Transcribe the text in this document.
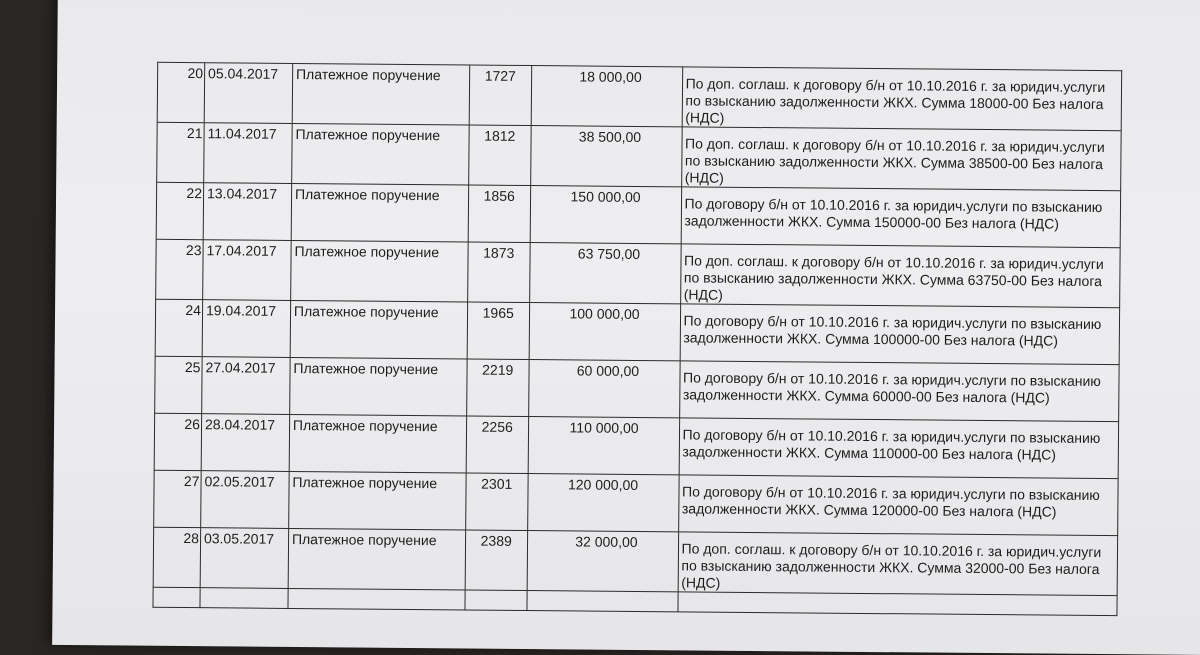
20	05.04.2017	Платежное поручение	1727	18 000,00	По доп. соглаш. к договору б/н от 10.10.2016 г. за юридич.услуги по взысканию задолженности ЖКХ. Сумма 18000-00 Без налога (НДС)
21	11.04.2017	Платежное поручение	1812	38 500,00	По доп. соглаш. к договору б/н от 10.10.2016 г. за юридич.услуги по взысканию задолженности ЖКХ. Сумма 38500-00 Без налога (НДС)
22	13.04.2017	Платежное поручение	1856	150 000,00	По договору б/н от 10.10.2016 г. за юридич.услуги по взысканию задолженности ЖКХ. Сумма 150000-00 Без налога (НДС)
23	17.04.2017	Платежное поручение	1873	63 750,00	По доп. соглаш. к договору б/н от 10.10.2016 г. за юридич.услуги по взысканию задолженности ЖКХ. Сумма 63750-00 Без налога (НДС)
24	19.04.2017	Платежное поручение	1965	100 000,00	По договору б/н от 10.10.2016 г. за юридич.услуги по взысканию задолженности ЖКХ. Сумма 100000-00 Без налога (НДС)
25	27.04.2017	Платежное поручение	2219	60 000,00	По договору б/н от 10.10.2016 г. за юридич.услуги по взысканию задолженности ЖКХ. Сумма 60000-00 Без налога (НДС)
26	28.04.2017	Платежное поручение	2256	110 000,00	По договору б/н от 10.10.2016 г. за юридич.услуги по взысканию задолженности ЖКХ. Сумма 110000-00 Без налога (НДС)
27	02.05.2017	Платежное поручение	2301	120 000,00	По договору б/н от 10.10.2016 г. за юридич.услуги по взысканию задолженности ЖКХ. Сумма 120000-00 Без налога (НДС)
28	03.05.2017	Платежное поручение	2389	32 000,00	По доп. соглаш. к договору б/н от 10.10.2016 г. за юридич.услуги по взысканию задолженности ЖКХ. Сумма 32000-00 Без налога (НДС)
